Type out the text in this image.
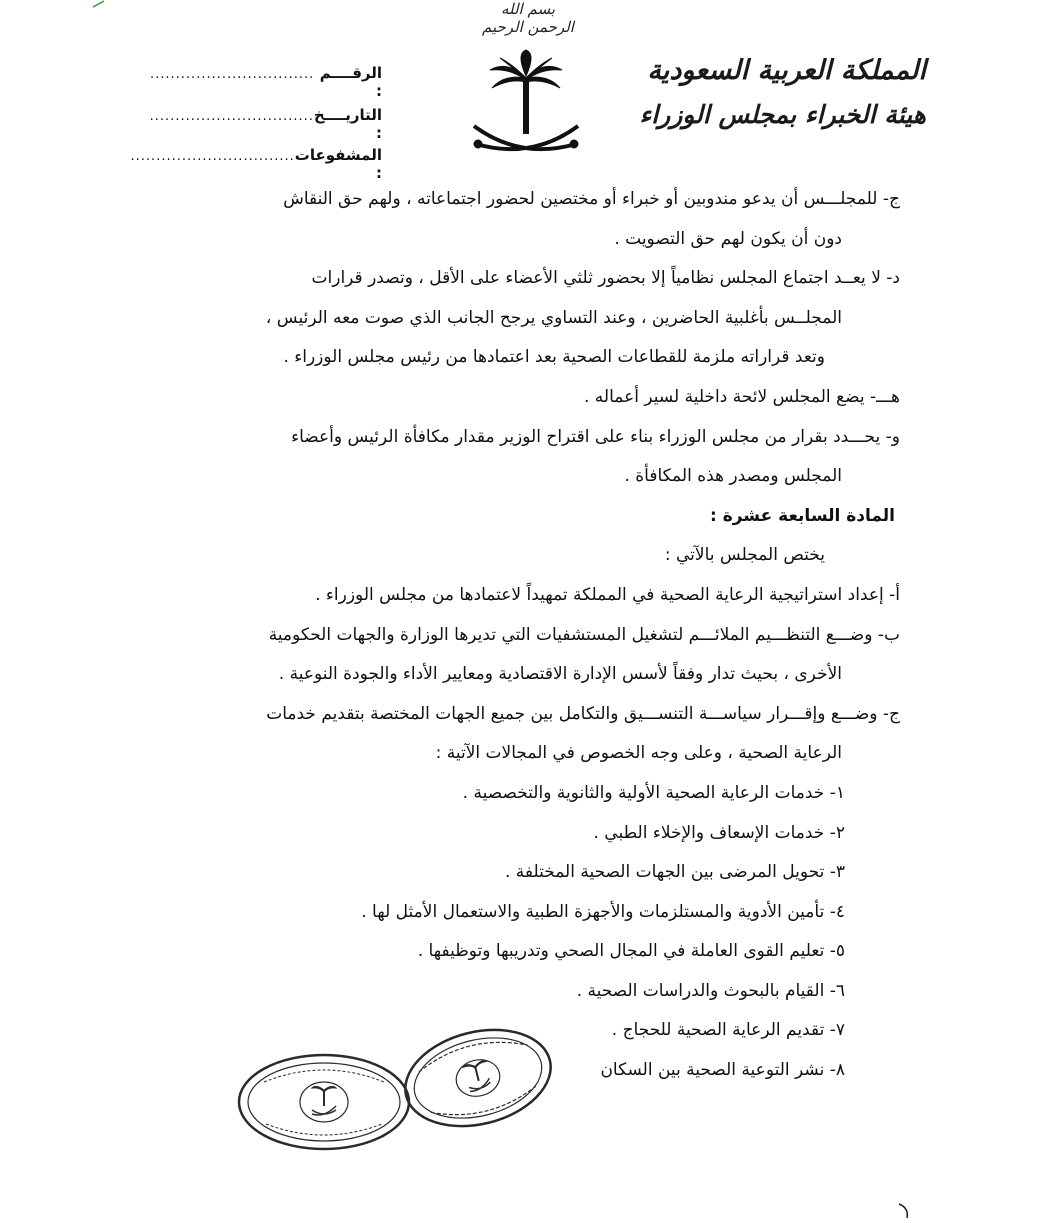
بسم الله الرحمن الرحيم
المملكة العربية السعودية
هيئة الخبراء بمجلس الوزراء
الرقــــم :
................................
التاريــــخ :
................................
المشفوعات :
................................
ج- للمجلـــس أن يدعو مندوبين أو خبراء أو مختصين لحضور اجتماعاته ، ولهم حق النقاش
دون أن يكون لهم حق التصويت .
د- لا يعــد اجتماع المجلس نظامياً إلا بحضور ثلثي الأعضاء على الأقل ، وتصدر قرارات
المجلــس بأغلبية الحاضرين ، وعند التساوي يرجح الجانب الذي صوت معه الرئيس ،
وتعد قراراته ملزمة للقطاعات الصحية بعد اعتمادها من رئيس مجلس الوزراء .
هـــ- يضع المجلس لائحة داخلية لسير أعماله .
و- يحـــدد بقرار من مجلس الوزراء بناء على اقتراح الوزير مقدار مكافأة الرئيس وأعضاء
المجلس ومصدر هذه المكافأة .
المادة السابعة عشرة :
يختص المجلس بالآتي :
أ- إعداد استراتيجية الرعاية الصحية في المملكة تمهيداً لاعتمادها من مجلس الوزراء .
ب- وضـــع التنظـــيم الملائـــم لتشغيل المستشفيات التي تديرها الوزارة والجهات الحكومية
الأخرى ، بحيث تدار وفقاً لأسس الإدارة الاقتصادية ومعايير الأداء والجودة النوعية .
ج- وضـــع وإقـــرار سياســـة التنســـيق والتكامل بين جميع الجهات المختصة بتقديم خدمات
الرعاية الصحية ، وعلى وجه الخصوص في المجالات الآتية :
١- خدمات الرعاية الصحية الأولية والثانوية والتخصصية .
٢- خدمات الإسعاف والإخلاء الطبي .
٣- تحويل المرضى بين الجهات الصحية المختلفة .
٤- تأمين الأدوية والمستلزمات والأجهزة الطبية والاستعمال الأمثل لها .
٥- تعليم القوى العاملة في المجال الصحي وتدريبها وتوظيفها .
٦- القيام بالبحوث والدراسات الصحية .
٧- تقديم الرعاية الصحية للحجاج .
٨- نشر التوعية الصحية بين السكان
